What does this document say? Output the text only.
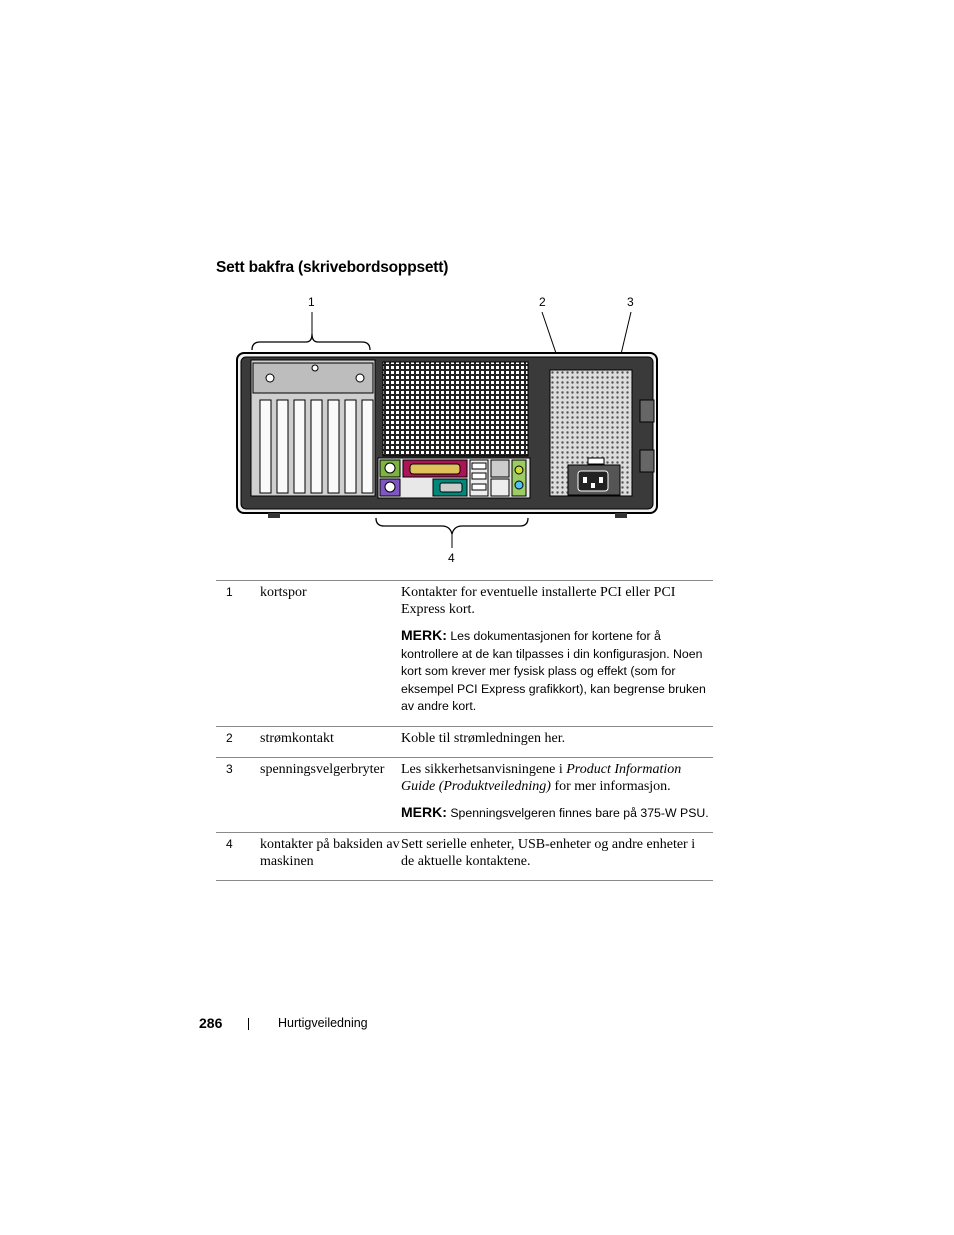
Sett bakfra (skrivebordsoppsett)
1	2	3
4
1	kortspor	Kontakter for eventuelle installerte PCI eller PCI Express kort.
MERK: Les dokumentasjonen for kortene for å kontrollere at de kan tilpasses i din konfigurasjon. Noen kort som krever mer fysisk plass og effekt (som for eksempel PCI Express grafikkort), kan begrense bruken av andre kort.

2	strømkontakt	Koble til strømledningen her.

3	spenningsvelgerbryter	Les sikkerhetsanvisningene i Product Information Guide (Produktveiledning) for mer informasjon.
MERK: Spenningsvelgeren finnes bare på 375-W PSU.

4	kontakter på baksiden av maskinen	Sett serielle enheter, USB-enheter og andre enheter i de aktuelle kontaktene.
286	Hurtigveiledning
